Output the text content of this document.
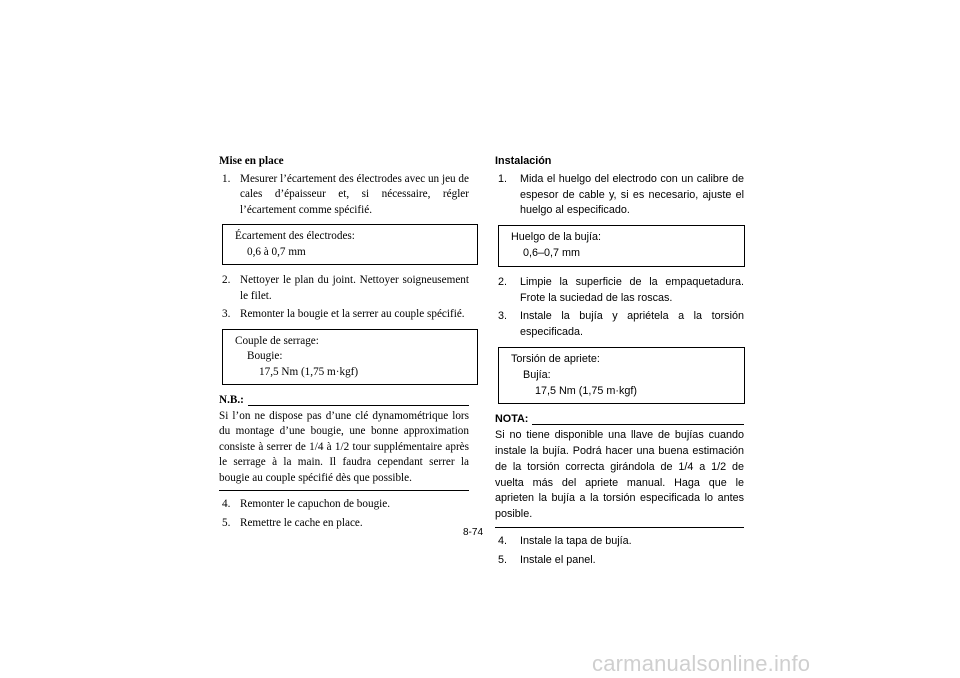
Mise en place
1. Mesurer l’écartement des électrodes avec un jeu de cales d’épaisseur et, si nécessaire, régler l’écartement comme spécifié.
Écartement des électrodes:
0,6 à 0,7 mm
2. Nettoyer le plan du joint. Nettoyer soigneusement le filet.
3. Remonter la bougie et la serrer au couple spécifié.
Couple de serrage:
Bougie:
17,5 Nm (1,75 m·kgf)
N.B.:
Si l’on ne dispose pas d’une clé dynamométrique lors du montage d’une bougie, une bonne approximation consiste à serrer de 1/4 à 1/2 tour supplémentaire après le serrage à la main. Il faudra cependant serrer la bougie au couple spécifié dès que possible.
4. Remonter le capuchon de bougie.
5. Remettre le cache en place.
Instalación
1. Mida el huelgo del electrodo con un calibre de espesor de cable y, si es necesario, ajuste el huelgo al especificado.
Huelgo de la bujía:
0,6–0,7 mm
2. Limpie la superficie de la empaquetadura. Frote la suciedad de las roscas.
3. Instale la bujía y apriétela a la torsión especificada.
Torsión de apriete:
Bujía:
17,5 Nm (1,75 m·kgf)
NOTA:
Si no tiene disponible una llave de bujías cuando instale la bujía. Podrá hacer una buena estimación de la torsión correcta girándola de 1/4 a 1/2 de vuelta más del apriete manual. Haga que le aprieten la bujía a la torsión especificada lo antes posible.
4. Instale la tapa de bujía.
5. Instale el panel.
8-74
carmanualsonline.info
